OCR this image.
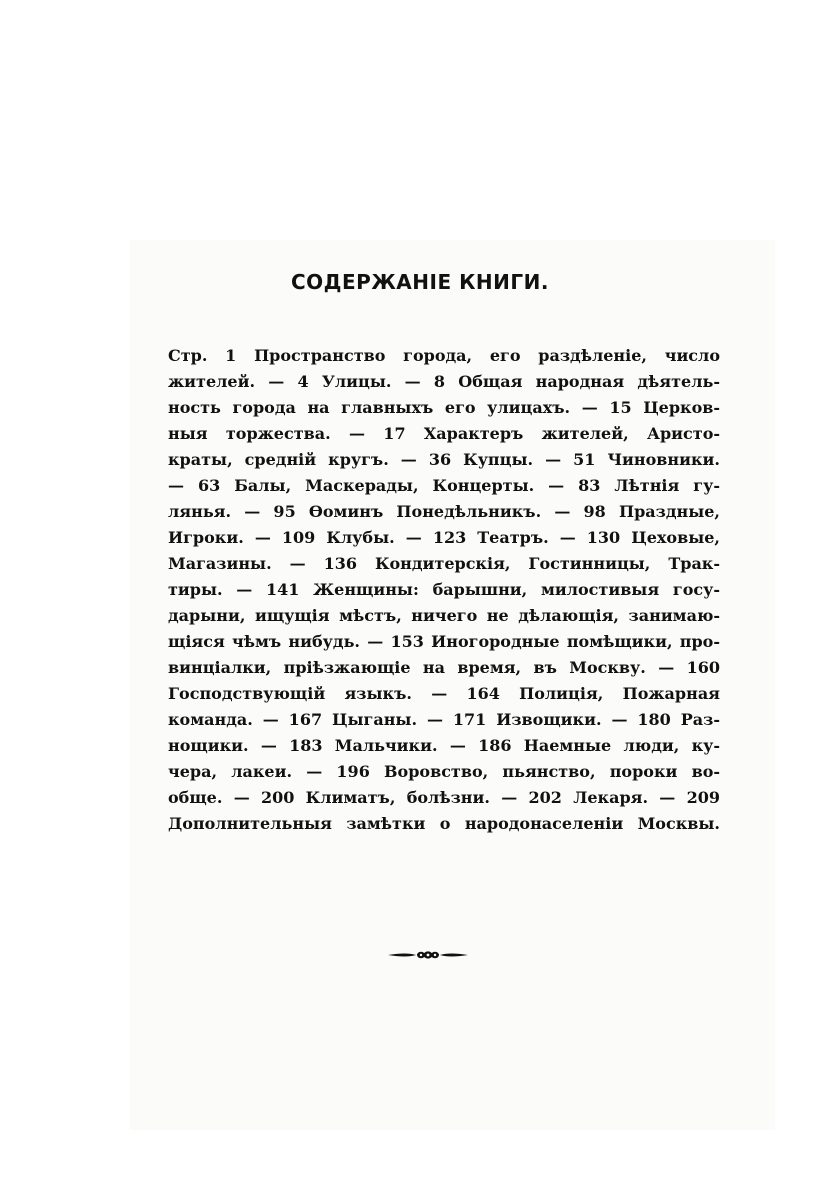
СОДЕРЖАНIЕ КНИГИ.
Стр. 1 Пространство города, его раздѣленiе, число
жителей. — 4 Улицы. — 8 Общая народная дѣятель-
ность города на главныхъ его улицахъ. — 15 Церков-
ныя торжества. — 17 Характеръ жителей, Аристо-
краты, среднiй кругъ. — 36 Купцы. — 51 Чиновники.
— 63 Балы, Маскерады, Концерты. — 83 Лѣтнiя гу-
лянья. — 95 Ѳоминъ Понедѣльникъ. — 98 Праздные,
Игроки. — 109 Клубы. — 123 Театръ. — 130 Цеховые,
Магазины. — 136 Кондитерскiя, Гостинницы, Трак-
тиры. — 141 Женщины: барышни, милостивыя госу-
дарыни, ищущiя мѣстъ, ничего не дѣлающiя, занимаю-
щiяся чѣмъ нибудь. — 153 Иногородные помѣщики, про-
винцiалки, прiѣзжающiе на время, въ Москву. — 160
Господствующiй языкъ. — 164 Полицiя, Пожарная
команда. — 167 Цыганы. — 171 Извощики. — 180 Раз-
нощики. — 183 Мальчики. — 186 Наемные люди, ку-
чера, лакеи. — 196 Воровство, пьянство, пороки во-
обще. — 200 Климатъ, болѣзни. — 202 Лекаря. — 209
Дополнительныя замѣтки о народонаселенiи Москвы.
